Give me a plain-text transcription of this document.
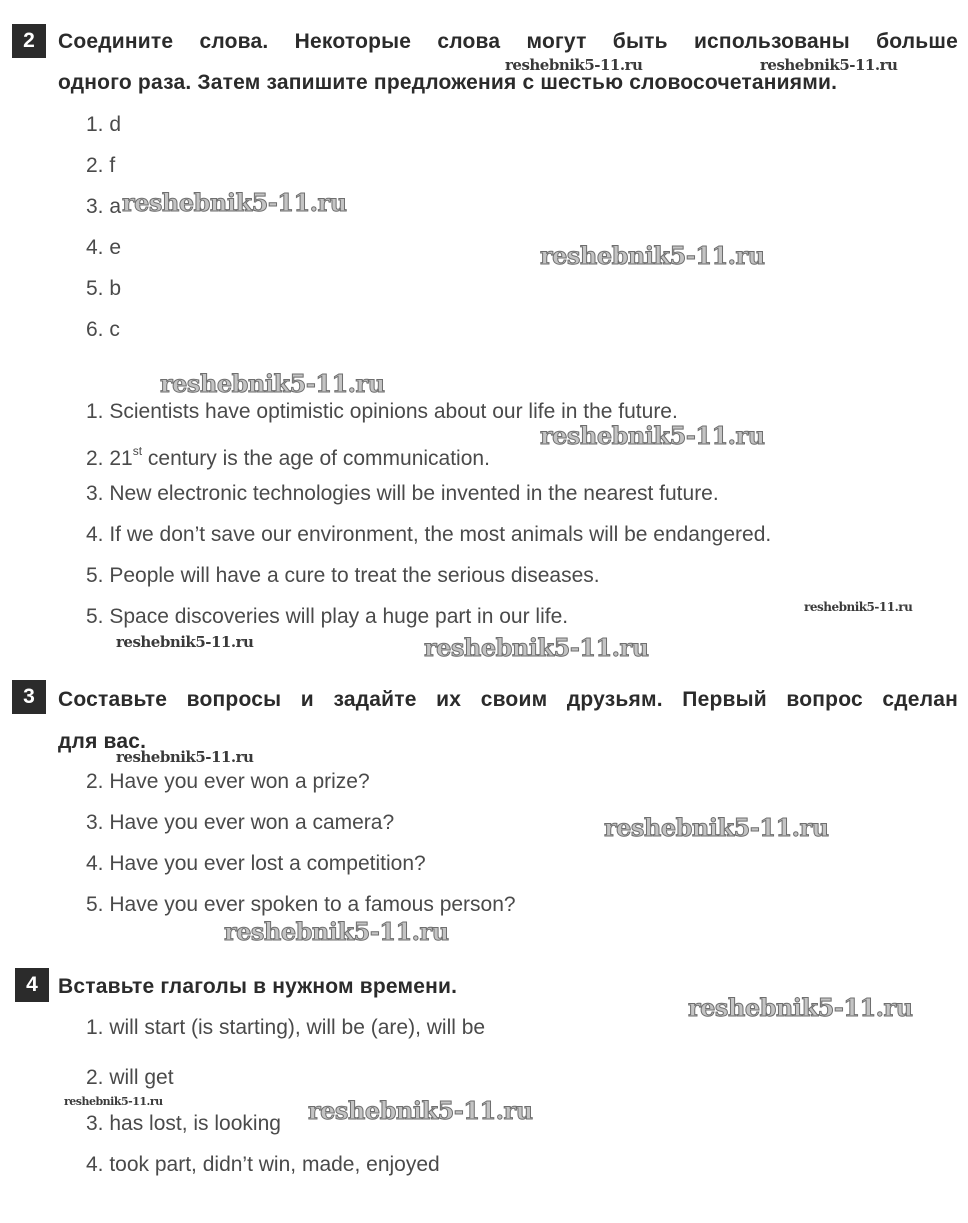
2	Соедините слова. Некоторые слова могут быть использованы больше
одного раза. Затем запишите предложения с шестью словосочетаниями.
1. d
2. f
3. a
4. e
5. b
6. c
1. Scientists have optimistic opinions about our life in the future.
2. 21st century is the age of communication.
3. New electronic technologies will be invented in the nearest future.
4. If we don’t save our environment, the most animals will be endangered.
5. People will have a cure to treat the serious diseases.
5. Space discoveries will play a huge part in our life.
3	Составьте вопросы и задайте их своим друзьям. Первый вопрос сделан
для вас.
2. Have you ever won a prize?
3. Have you ever won a camera?
4. Have you ever lost a competition?
5. Have you ever spoken to a famous person?
4 Вставьте глаголы в нужном времени.
1. will start (is starting), will be (are), will be
2. will get
3. has lost, is looking
4. took part, didn’t win, made, enjoyed
reshebnik5-11.ru	reshebnik5-11.ru
reshebnik5-11.ru
reshebnik5-11.ru
reshebnik5-11.ru
reshebnik5-11.ru
reshebnik5-11.ru
reshebnik5-11.ru	reshebnik5-11.ru
reshebnik5-11.ru
reshebnik5-11.ru
reshebnik5-11.ru
reshebnik5-11.ru
reshebnik5-11.ru	reshebnik5-11.ru
